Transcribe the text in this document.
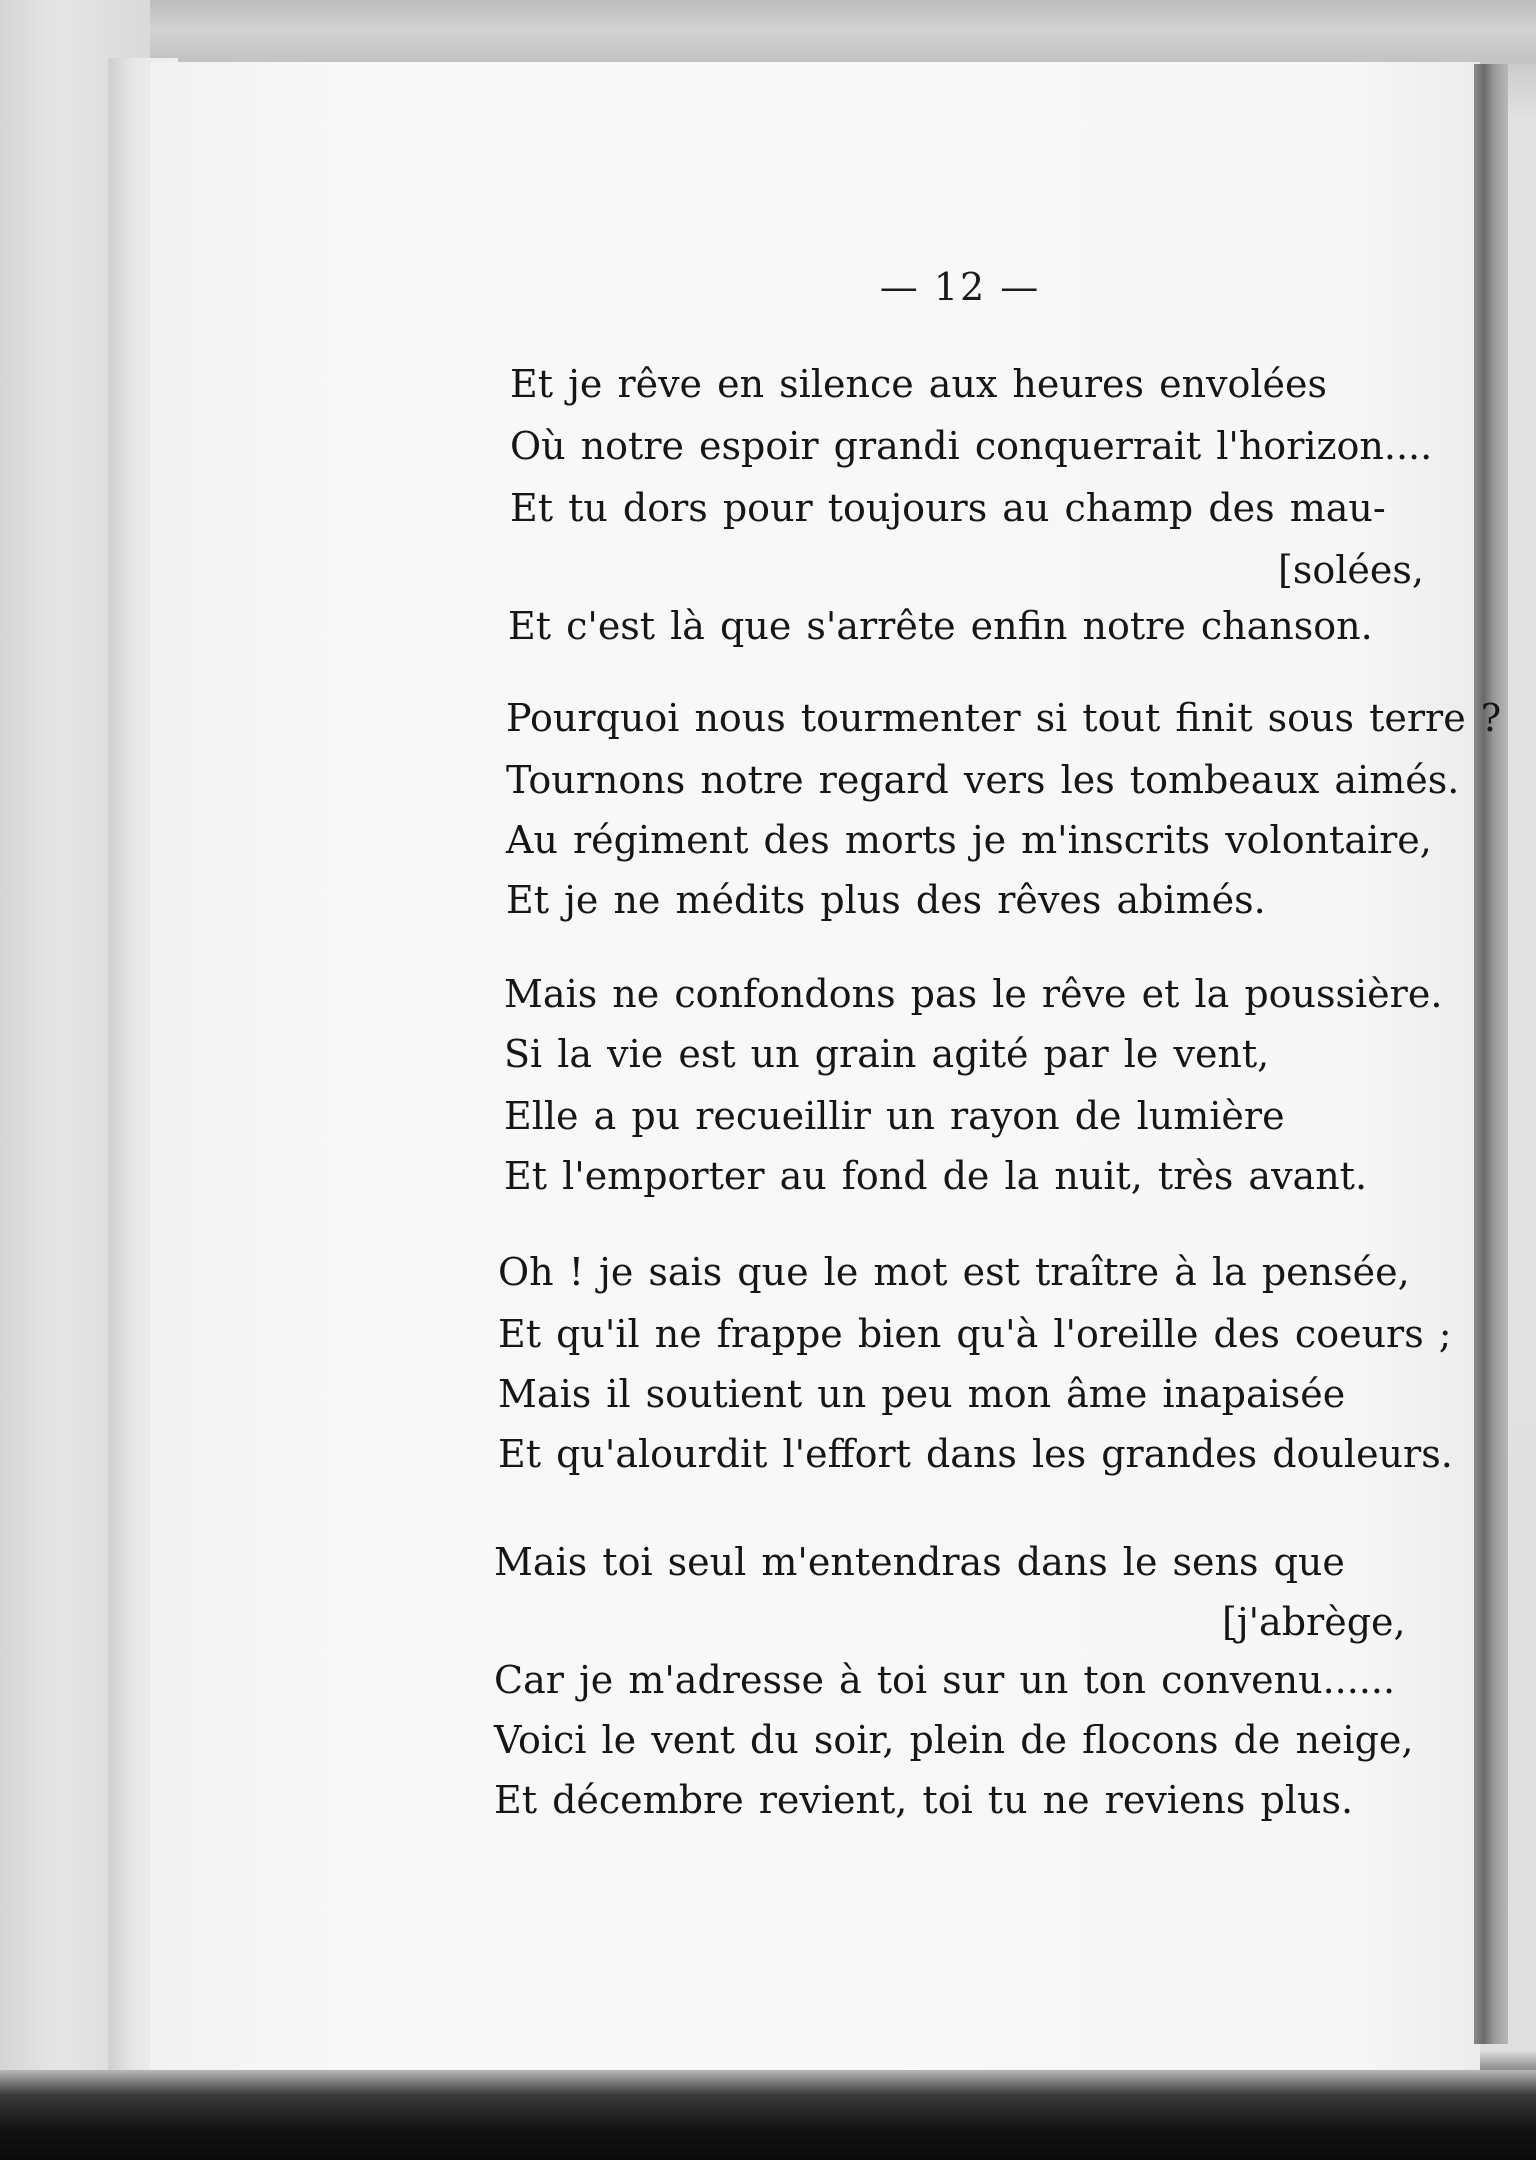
— 12 —
Et je rêve en silence aux heures envolées
Où notre espoir grandi conquerrait l'horizon....
Et tu dors pour toujours au champ des mau-
[solées,
Et c'est là que s'arrête enfin notre chanson.
Pourquoi nous tourmenter si tout finit sous terre ?
Tournons notre regard vers les tombeaux aimés.
Au régiment des morts je m'inscrits volontaire,
Et je ne médits plus des rêves abimés.
Mais ne confondons pas le rêve et la poussière.
Si la vie est un grain agité par le vent,
Elle a pu recueillir un rayon de lumière
Et l'emporter au fond de la nuit, très avant.
Oh ! je sais que le mot est traître à la pensée,
Et qu'il ne frappe bien qu'à l'oreille des coeurs ;
Mais il soutient un peu mon âme inapaisée
Et qu'alourdit l'effort dans les grandes douleurs.
Mais toi seul m'entendras dans le sens que
[j'abrège,
Car je m'adresse à toi sur un ton convenu......
Voici le vent du soir, plein de flocons de neige,
Et décembre revient, toi tu ne reviens plus.
